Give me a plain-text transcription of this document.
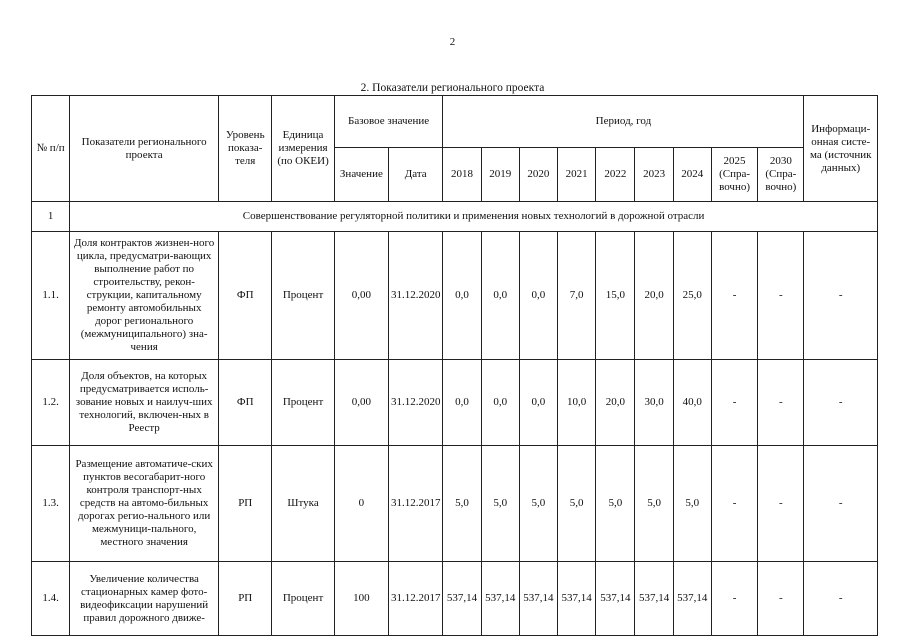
2
2. Показатели регионального проекта
№ п/п	Показатели регионального проекта	Уровень показа-теля	Единица измерения (по ОКЕИ)	Базовое значение		Период, год									Информаци-онная систе-ма (источник данных)
				Значение	Дата	2018	2019	2020	2021	2022	2023	2024	2025 (Спра-вочно)	2030 (Спра-вочно)	
1	Совершенствование регуляторной политики и применения новых технологий в дорожной отрасли														
1.1.	Доля контрактов жизнен-ного цикла, предусматри-вающих выполнение работ по строительству, рекон-струкции, капитальному ремонту автомобильных дорог регионального (межмуниципального) зна-чения	ФП	Процент	0,00	31.12.2020	0,0	0,0	0,0	7,0	15,0	20,0	25,0	-	-	-
1.2.	Доля объектов, на которых предусматривается исполь-зование новых и наилуч-ших технологий, включен-ных в Реестр	ФП	Процент	0,00	31.12.2020	0,0	0,0	0,0	10,0	20,0	30,0	40,0	-	-	-
1.3.	Размещение автоматиче-ских пунктов весогабарит-ного контроля транспорт-ных средств на автомо-бильных дорогах регио-нального или межмуници-пального, местного значения	РП	Штука	0	31.12.2017	5,0	5,0	5,0	5,0	5,0	5,0	5,0	-	-	-
1.4.	Увеличение количества стационарных камер фото-видеофиксации нарушений правил дорожного движе-	РП	Процент	100	31.12.2017	537,14	537,14	537,14	537,14	537,14	537,14	537,14	-	-	-
